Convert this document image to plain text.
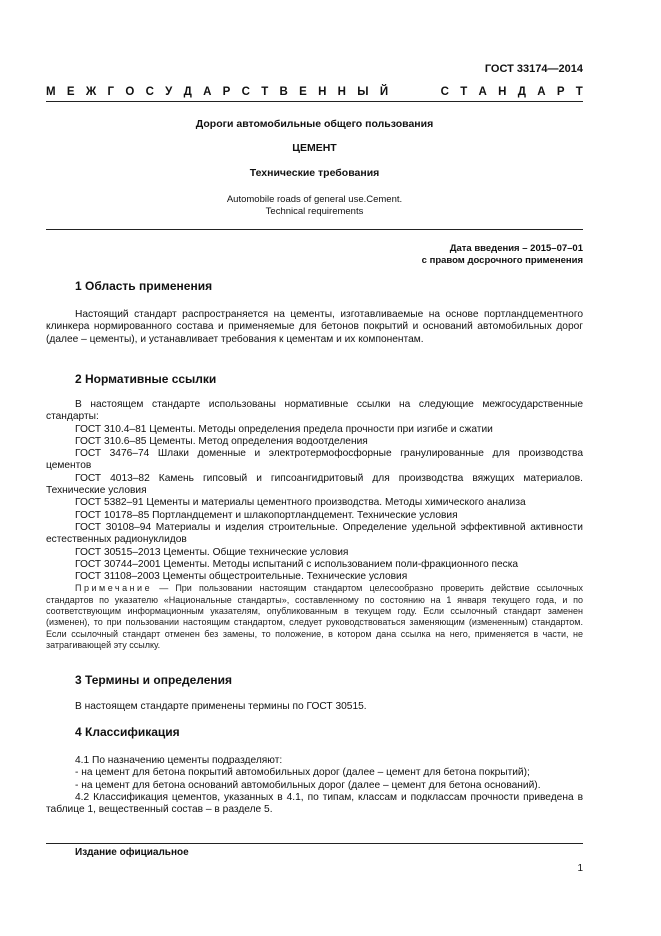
ГОСТ 33174—2014
М Е Ж Г О С У Д А Р С Т В Е Н Н Ы Й	С Т А Н Д А Р Т
Дороги автомобильные общего пользования
ЦЕМЕНТ
Технические требования
Automobile roads of general use.Cement.
Technical requirements
Дата введения – 2015–07–01
с правом досрочного применения
1 Область применения

Настоящий стандарт распространяется на цементы, изготавливаемые на основе портландцементного клинкера нормированного состава и применяемые для бетонов покрытий и оснований автомобильных дорог (далее – цементы), и устанавливает требования к цементам и их компонентам.

2 Нормативные ссылки

В настоящем стандарте использованы нормативные ссылки на следующие межгосударственные стандарты:

ГОСТ 310.4–81 Цементы. Методы определения предела прочности при изгибе и сжатии

ГОСТ 310.6–85 Цементы. Метод определения водоотделения

ГОСТ 3476–74 Шлаки доменные и электротермофосфорные гранулированные для производства цементов

ГОСТ 4013–82 Камень гипсовый и гипсоангидритовый для производства вяжущих материалов. Технические условия

ГОСТ 5382–91 Цементы и материалы цементного производства. Методы химического анализа

ГОСТ 10178–85 Портландцемент и шлакопортландцемент. Технические условия

ГОСТ 30108–94 Материалы и изделия строительные. Определение удельной эффективной активности естественных радионуклидов

ГОСТ 30515–2013 Цементы. Общие технические условия

ГОСТ 30744–2001 Цементы. Методы испытаний с использованием поли-фракционного песка

ГОСТ 31108–2003 Цементы общестроительные. Технические условия

Примечание — При пользовании настоящим стандартом целесообразно проверить действие ссылочных стандартов по указателю «Национальные стандарты», составленному по состоянию на 1 января текущего года, и по соответствующим информационным указателям, опубликованным в текущем году. Если ссылочный стандарт заменен (изменен), то при пользовании настоящим стандартом, следует руководствоваться заменяющим (измененным) стандартом. Если ссылочный стандарт отменен без замены, то положение, в котором дана ссылка на него, применяется в части, не затрагивающей эту ссылку.

3 Термины и определения

В настоящем стандарте применены термины по ГОСТ 30515.

4 Классификация

4.1 По назначению цементы подразделяют:

- на цемент для бетона покрытий автомобильных дорог (далее – цемент для бетона покрытий);

- на цемент для бетона оснований автомобильных дорог (далее – цемент для бетона оснований).

4.2 Классификация цементов, указанных в 4.1, по типам, классам и подклассам прочности приведена в таблице 1, вещественный состав – в разделе 5.

Издание официальное
1
